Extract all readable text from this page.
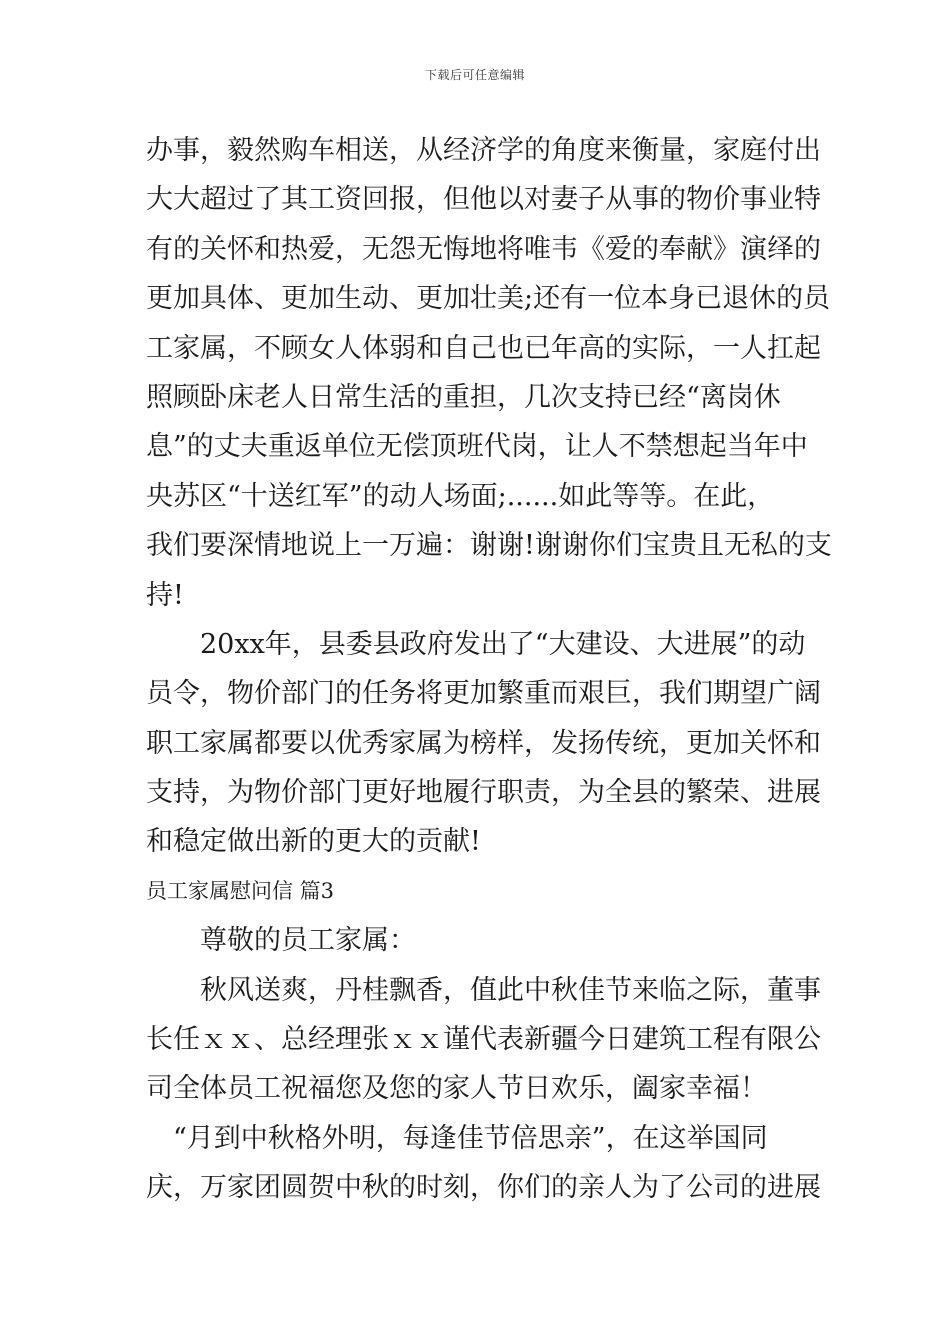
下载后可任意编辑
办事，毅然购车相送，从经济学的角度来衡量，家庭付出
大大超过了其工资回报，但他以对妻子从事的物价事业特
有的关怀和热爱，无怨无悔地将唯韦《爱的奉献》演绎的
更加具体、更加生动、更加壮美;还有一位本身已退休的员
工家属，不顾女人体弱和自己也已年高的实际，一人扛起
照顾卧床老人日常生活的重担，几次支持已经“离岗休
息”的丈夫重返单位无偿顶班代岗，让人不禁想起当年中
央苏区“十送红军”的动人场面;......如此等等。在此，
我们要深情地说上一万遍：谢谢!谢谢你们宝贵且无私的支
持!
20xx年，县委县政府发出了“大建设、大进展”的动
员令，物价部门的任务将更加繁重而艰巨，我们期望广阔
职工家属都要以优秀家属为榜样，发扬传统，更加关怀和
支持，为物价部门更好地履行职责，为全县的繁荣、进展
和稳定做出新的更大的贡献!
员工家属慰问信 篇3
尊敬的员工家属：
秋风送爽，丹桂飘香，值此中秋佳节来临之际，董事
长任ｘｘ、总经理张ｘｘ谨代表新疆今日建筑工程有限公
司全体员工祝福您及您的家人节日欢乐，阖家幸福！
“月到中秋格外明，每逢佳节倍思亲”，在这举国同
庆，万家团圆贺中秋的时刻，你们的亲人为了公司的进展
